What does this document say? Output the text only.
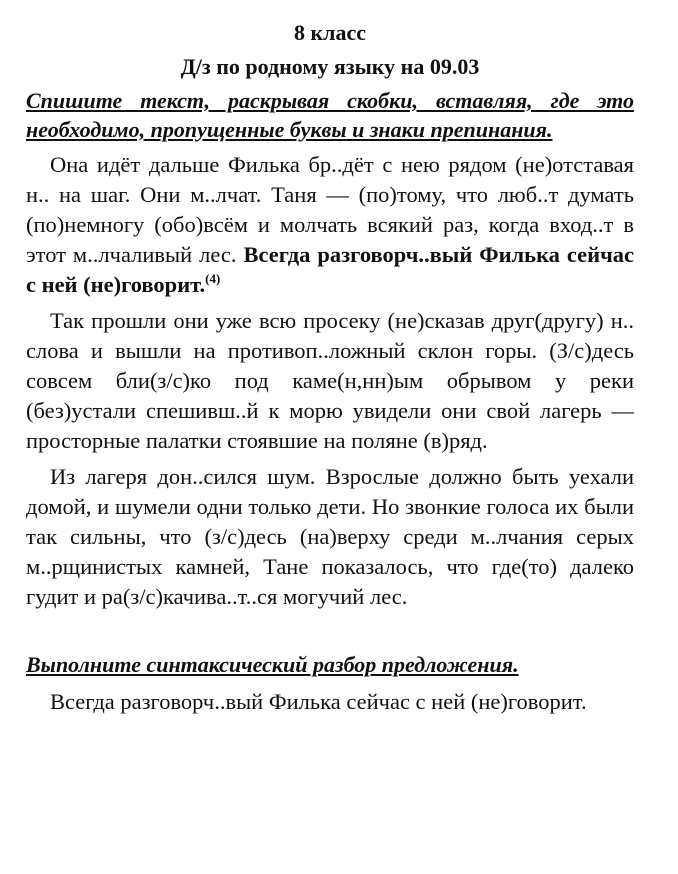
8 класс
Д/з по родному языку на 09.03
Спишите текст, раскрывая скобки, вставляя, где это необходимо, пропущенные буквы и знаки препинания.
Она идёт дальше Филька бр..дёт с нею рядом (не)отставая н.. на шаг. Они м..лчат. Таня — (по)тому, что люб..т думать (по)немногу (обо)всём и молчать всякий раз, когда вход..т в этот м..лчаливый лес. Всегда разговорч..вый Филька сейчас с ней (не)говорит.$^{(4)}$
Так прошли они уже всю просеку (не)сказав друг(другу) н.. слова и вышли на противоп..ложный склон горы. (З/с)десь совсем бли(з/с)ко под каме(н,нн)ым обрывом у реки (без)устали спешивш..й к морю увидели они свой лагерь — просторные палатки стоявшие на поляне (в)ряд.
Из лагеря дон..сился шум. Взрослые должно быть уехали домой, и шумели одни только дети. Но звонкие голоса их были так сильны, что (з/с)десь (на)верху среди м..лчания серых м..рщинистых камней, Тане показалось, что где(то) далеко гудит и ра(з/с)качива..т..ся могучий лес.
Выполните синтаксический разбор предложения.
Всегда разговорч..вый Филька сейчас с ней (не)говорит.
